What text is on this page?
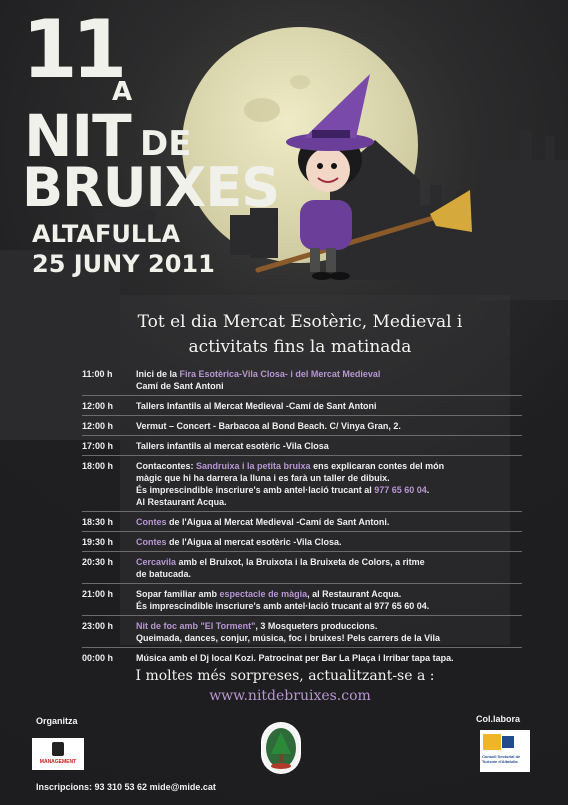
11
A
NIT DE
BRUIXES
ALTAFULLA
25 JUNY 2011
Tot el dia Mercat Esotèric, Medieval i
activitats fins la matinada
11:00 h	Inici de la Fira Esotèrica-Vila Closa- i del Mercat Medieval
Camí de Sant Antoni
12:00 h	Tallers Infantils al Mercat Medieval -Camí de Sant Antoni
12:00 h	Vermut – Concert - Barbacoa al Bond Beach. C/ Vinya Gran, 2.
17:00 h	Tallers infantils al mercat esotèric -Vila Closa
18:00 h	Contacontes: Sandruixa i la petita bruixa ens explicaran contes del món
màgic que hi ha darrera la lluna i es farà un taller de dibuix.
És imprescindible inscriure's amb antel·lació trucant al 977 65 60 04.
Al Restaurant Acqua.
18:30 h	Contes de l'Aigua al Mercat Medieval -Camí de Sant Antoni.
19:30 h	Contes de l'Aigua al mercat esotèric -Vila Closa.
20:30 h	Cercavila amb el Bruixot, la Bruixota i la Bruixeta de Colors, a ritme
de batucada.
21:00 h	Sopar familiar amb espectacle de màgia, al Restaurant Acqua.
És imprescindible inscriure's amb antel·lació trucant al 977 65 60 04.
23:00 h	Nit de foc amb "El Torment", 3 Mosqueters produccions.
Queimada, dances, conjur, música, foc i bruixes! Pels carrers de la Vila
00:00 h	Música amb el Dj local Kozi. Patrocinat per Bar La Plaça i Irribar tapa tapa.
I moltes més sorpreses, actualitzant-se a :
www.nitdebruixes.com
Organitza	Col.labora
MANAGEMENT
Consell Sectorial de Turisme d'Altafulla
Inscripcions: 93 310 53 62 mide@mide.cat
